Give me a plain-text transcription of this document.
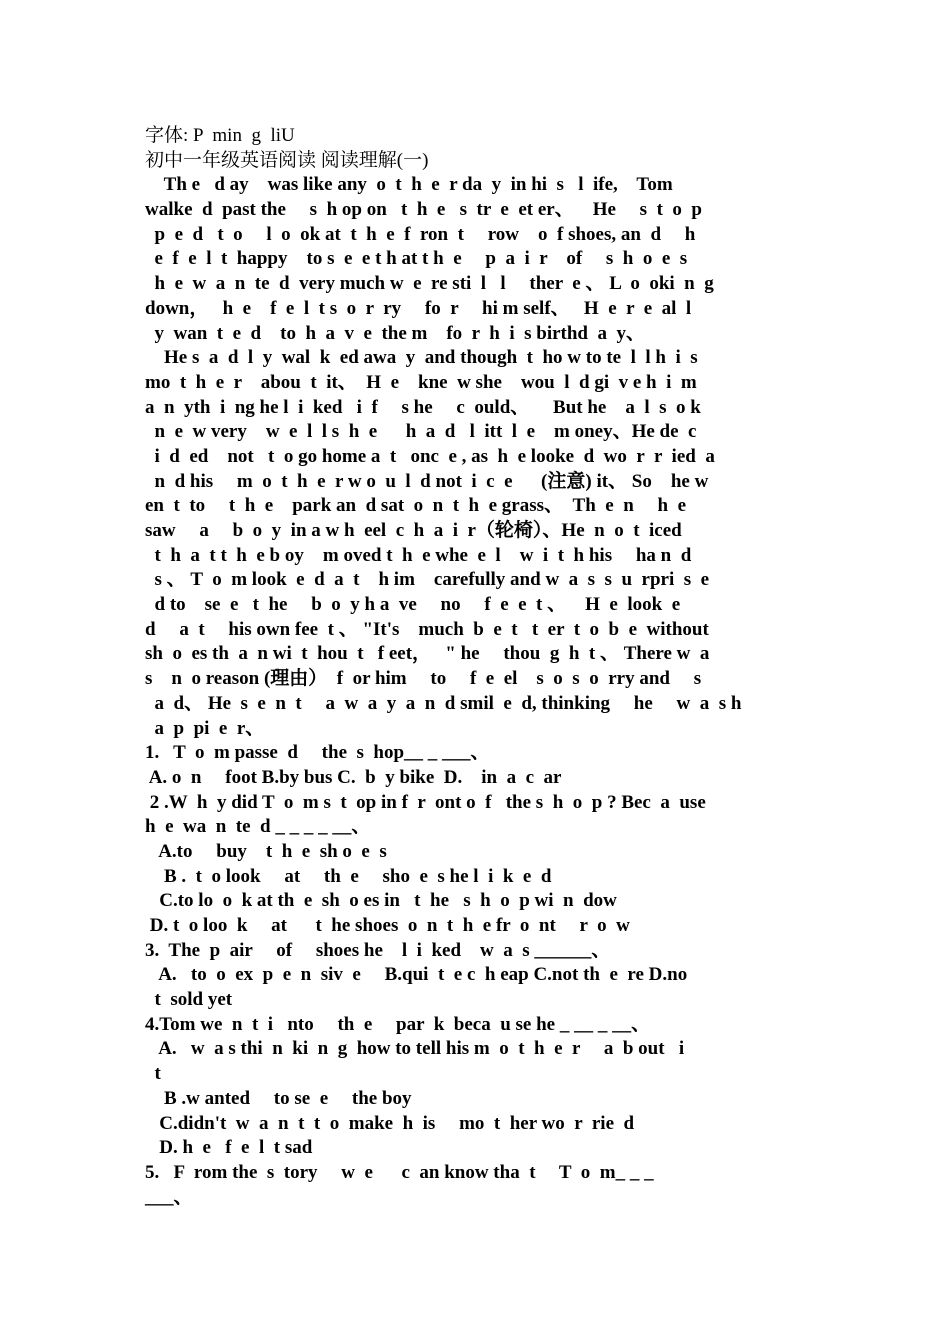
字体: P  min  g  liU
初中一年级英语阅读 阅读理解(一)
Th e   d ay    was like any  o  t  h  e  r da  y  in hi  s   l  ife,    Tom
walke  d  past the     s  h op on   t  h  e   s  tr  e  et er、    He     s  t  o  p
p  e  d   t  o     l  o  ok at  t  h  e  f  ron  t     row    o  f shoes, an  d     h
e  f  e  l  t  happy    to s  e  e t h at t h  e     p  a  i  r    of     s  h  o  e  s
h  e  w  a  n  te  d  very much w  e  re sti  l   l     ther  e 、 L  o  oki  n  g
down，   h  e    f  e  l  t s  o  r  ry     fo  r     hi m self、   H  e  r  e  al  l
y  wan  t  e  d    to  h  a  v  e  the m    fo  r  h  i  s birthd  a  y、
He s  a  d  l  y  wal  k  ed awa  y  and though  t  ho w to te  l  l h  i  s
mo  t  h  e  r    abou  t  it、  H  e    kne  w she    wou  l  d gi  v e h  i  m
a  n  yth  i  ng he l  i  ked   i  f     s he     c  ould、     But he    a  l  s  o k
n  e  w very    w  e  l  l s  h  e      h  a  d   l  itt  l  e    m oney、He de  c
i  d  ed    not   t  o go home a  t   onc  e , as  h  e looke  d  wo  r  r  ied  a
n  d his     m  o  t  h  e  r w o  u  l  d not  i  c  e      (注意) it、 So    he w
en  t  to     t  h  e    park an  d sat  o  n  t  h  e grass、  Th  e  n     h  e
saw     a     b  o  y  in a w h  eel  c  h  a  i  r（轮椅）、He  n  o  t  iced
t  h  a  t t  h  e b oy    m oved t  h  e whe  e  l    w  i  t  h his     ha n  d
s 、 T  o  m look  e  d  a  t    h im    carefully and w  a  s  s  u  rpri  s  e
d to    se  e   t  he     b  o  y h a  ve     no     f  e  e  t 、    H  e  look  e
d     a  t     his own fee  t 、 "It's    much  b  e  t   t  er  t  o  b  e  without
sh  o  es th  a  n wi  t  hou  t   f eet，   " he     thou  g  h  t 、 There w  a
s    n  o reason (理由）  f  or him     to     f  e  el    s  o  s  o  rry and     s
a  d、 He  s  e  n  t     a  w  a  y  a  n  d smil  e  d, thinking     he     w  a  s h
a  p  pi  e  r、
1.   T  o  m passe  d     the  s  hop__ _ ___、
A. o  n     foot B.by bus C.  b  y bike  D.    in  a  c  ar
2 .W  h  y did T  o  m s  t  op in f  r  ont o  f   the s  h  o  p ? Bec  a  use
h  e  wa  n  te  d _ _ _ _ __、
A.to     buy    t  h  e  sh o  e  s
B .  t  o look     at     th  e     sho  e  s he l  i  k  e  d
C.to lo  o  k at th  e  sh  o es in   t  he   s  h  o  p wi  n  dow
D. t  o loo  k     at      t  he shoes  o  n  t  h  e fr  o  nt     r  o  w
3.  The  p  air     of     shoes he    l  i  ked    w  a  s ______、
A.   to  o  ex  p  e  n  siv  e     B.qui  t  e c  h eap C.not th  e  re D.no
t  sold yet
4.Tom we  n  t  i   nto     th  e     par  k  beca  u se he _ __ _ __、
A.   w  a s thi  n  ki  n  g  how to tell his m  o  t  h  e  r     a  b out   i
t
B .w anted     to se  e     the boy
C.didn't  w  a  n  t  t  o  make  h  is     mo  t  her wo  r  rie  d
D. h  e   f  e  l  t sad
5.   F  rom the  s  tory     w  e      c  an know tha  t     T  o  m_ _ _
___、
